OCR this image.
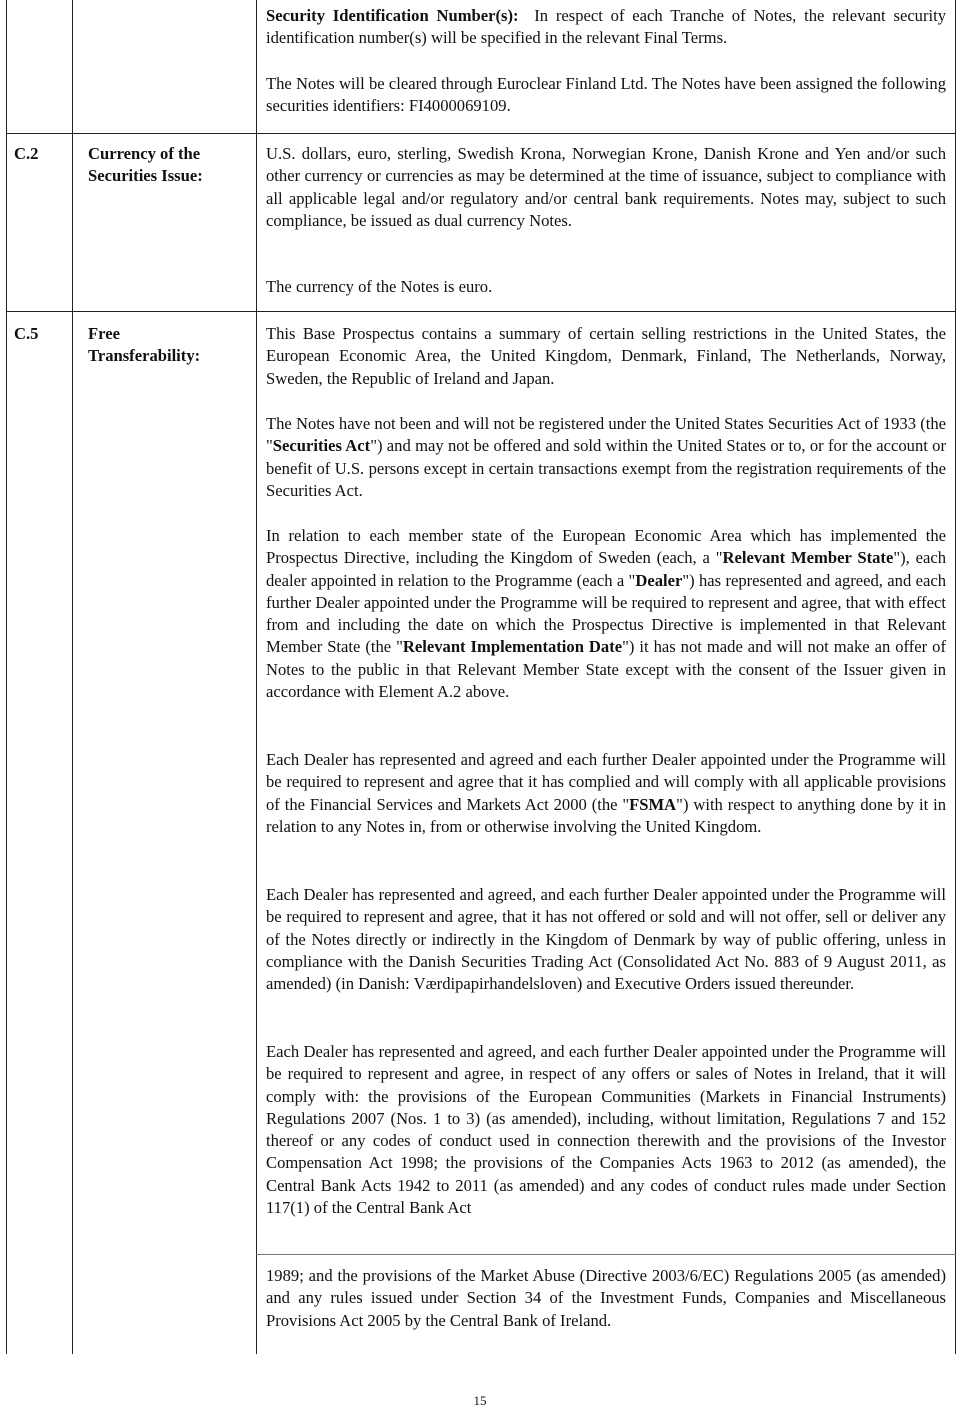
Security Identification Number(s): In respect of each Tranche of Notes, the relevant security identification number(s) will be specified in the relevant Final Terms.

The Notes will be cleared through Euroclear Finland Ltd. The Notes have been assigned the following securities identifiers: FI4000069109.

C.2	Currency of the
Securities Issue:

U.S. dollars, euro, sterling, Swedish Krona, Norwegian Krone, Danish Krone and Yen and/or such other currency or currencies as may be determined at the time of issuance, subject to compliance with all applicable legal and/or regulatory and/or central bank requirements. Notes may, subject to such compliance, be issued as dual currency Notes.

The currency of the Notes is euro.

C.5	Free
Transferability:

This Base Prospectus contains a summary of certain selling restrictions in the United States, the European Economic Area, the United Kingdom, Denmark, Finland, The Netherlands, Norway, Sweden, the Republic of Ireland and Japan.

The Notes have not been and will not be registered under the United States Securities Act of 1933 (the "Securities Act") and may not be offered and sold within the United States or to, or for the account or benefit of U.S. persons except in certain transactions exempt from the registration requirements of the Securities Act.

In relation to each member state of the European Economic Area which has implemented the Prospectus Directive, including the Kingdom of Sweden (each, a "Relevant Member State"), each dealer appointed in relation to the Programme (each a "Dealer") has represented and agreed, and each further Dealer appointed under the Programme will be required to represent and agree, that with effect from and including the date on which the Prospectus Directive is implemented in that Relevant Member State (the "Relevant Implementation Date") it has not made and will not make an offer of Notes to the public in that Relevant Member State except with the consent of the Issuer given in accordance with Element A.2 above.

Each Dealer has represented and agreed and each further Dealer appointed under the Programme will be required to represent and agree that it has complied and will comply with all applicable provisions of the Financial Services and Markets Act 2000 (the "FSMA") with respect to anything done by it in relation to any Notes in, from or otherwise involving the United Kingdom.

Each Dealer has represented and agreed, and each further Dealer appointed under the Programme will be required to represent and agree, that it has not offered or sold and will not offer, sell or deliver any of the Notes directly or indirectly in the Kingdom of Denmark by way of public offering, unless in compliance with the Danish Securities Trading Act (Consolidated Act No. 883 of 9 August 2011, as amended) (in Danish: Værdipapirhandelsloven) and Executive Orders issued thereunder.

Each Dealer has represented and agreed, and each further Dealer appointed under the Programme will be required to represent and agree, in respect of any offers or sales of Notes in Ireland, that it will comply with: the provisions of the European Communities (Markets in Financial Instruments) Regulations 2007 (Nos. 1 to 3) (as amended), including, without limitation, Regulations 7 and 152 thereof or any codes of conduct used in connection therewith and the provisions of the Investor Compensation Act 1998; the provisions of the Companies Acts 1963 to 2012 (as amended), the Central Bank Acts 1942 to 2011 (as amended) and any codes of conduct rules made under Section 117(1) of the Central Bank Act

1989; and the provisions of the Market Abuse (Directive 2003/6/EC) Regulations 2005 (as amended) and any rules issued under Section 34 of the Investment Funds, Companies and Miscellaneous Provisions Act 2005 by the Central Bank of Ireland.

15
